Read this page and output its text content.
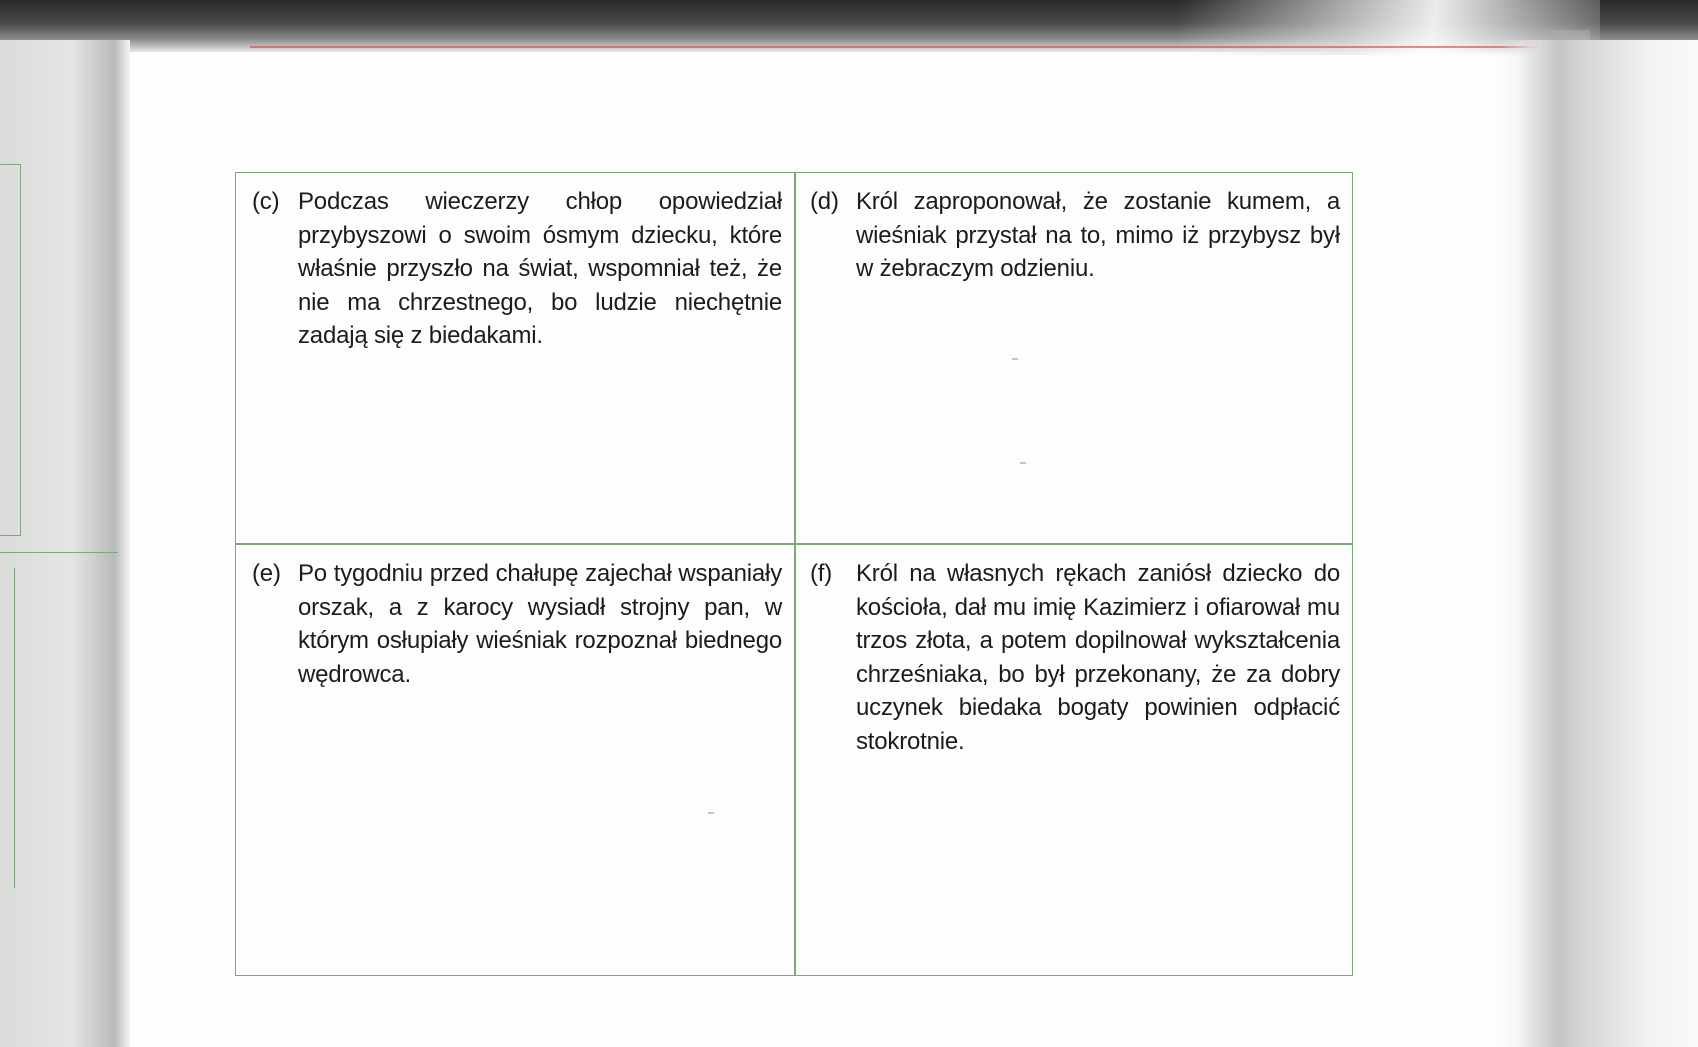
(c) Podczas wieczerzy chłop opowiedział przybyszowi o swoim ósmym dziecku, które właśnie przyszło na świat, wspomniał też, że nie ma chrzestnego, bo ludzie niechętnie zadają się z biedakami.
(d) Król zaproponował, że zostanie kumem, a wieśniak przystał na to, mimo iż przybysz był w żebraczym odzieniu.
(e) Po tygodniu przed chałupę zajechał wspaniały orszak, a z karocy wysiadł strojny pan, w którym osłupiały wieśniak rozpoznał biednego wędrowca.
(f) Król na własnych rękach zaniósł dziecko do kościoła, dał mu imię Kazimierz i ofiarował mu trzos złota, a potem dopilnował wykształcenia chrześniaka, bo był przekonany, że za dobry uczynek biedaka bogaty powinien odpłacić stokrotnie.
